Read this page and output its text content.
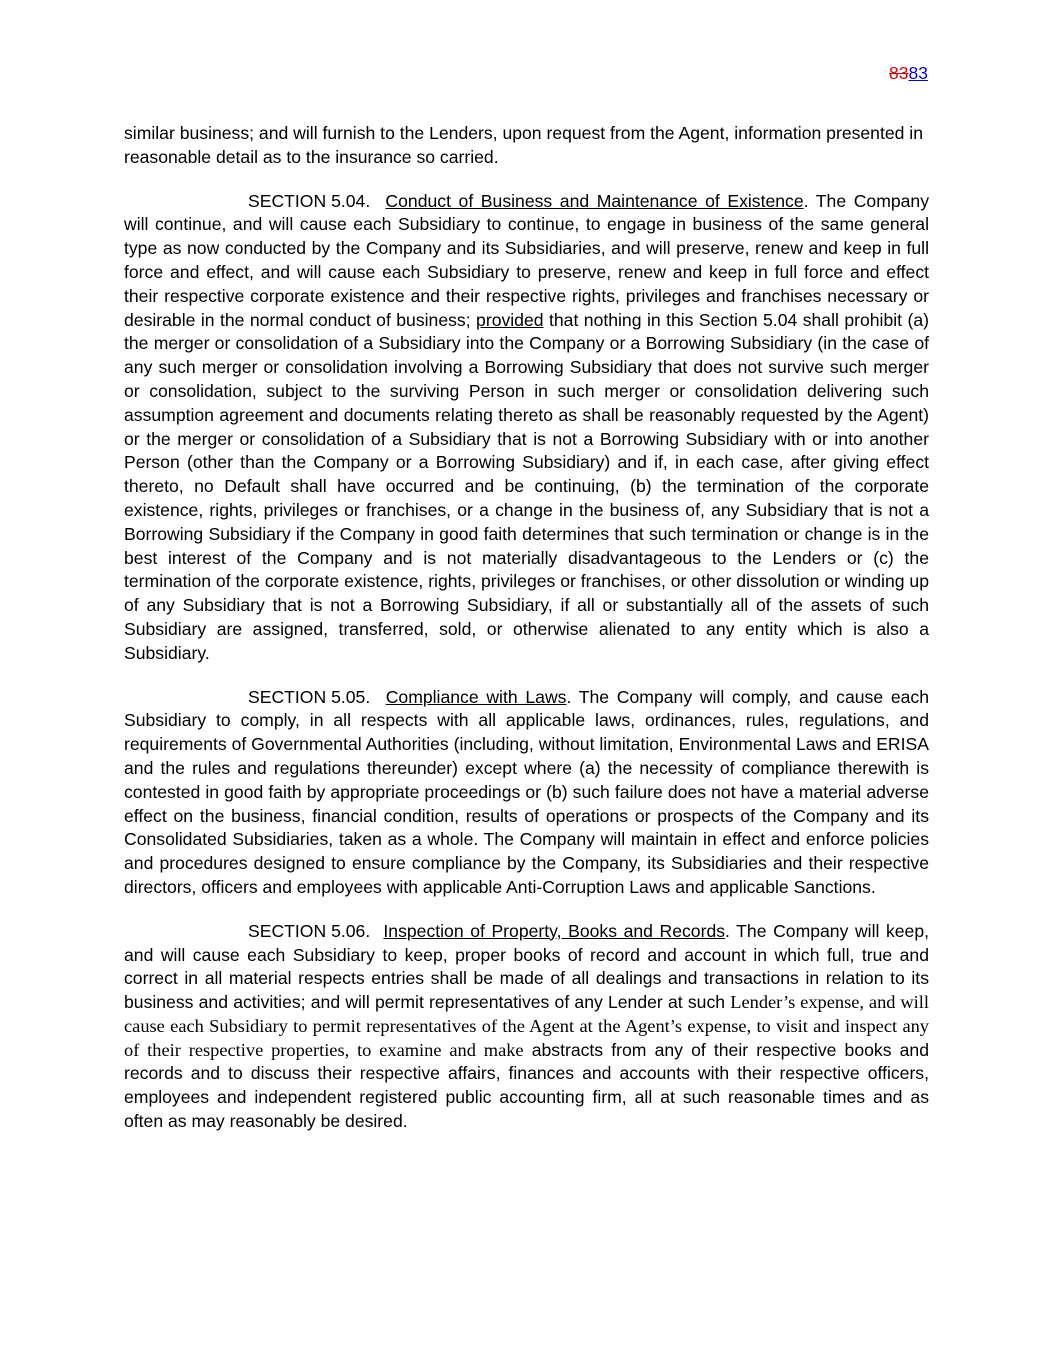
8383

similar business; and will furnish to the Lenders, upon request from the Agent, information presented in reasonable detail as to the insurance so carried.

SECTION 5.04. Conduct of Business and Maintenance of Existence. The Company will continue, and will cause each Subsidiary to continue, to engage in business of the same general type as now conducted by the Company and its Subsidiaries, and will preserve, renew and keep in full force and effect, and will cause each Subsidiary to preserve, renew and keep in full force and effect their respective corporate existence and their respective rights, privileges and franchises necessary or desirable in the normal conduct of business; provided that nothing in this Section 5.04 shall prohibit (a) the merger or consolidation of a Subsidiary into the Company or a Borrowing Subsidiary (in the case of any such merger or consolidation involving a Borrowing Subsidiary that does not survive such merger or consolidation, subject to the surviving Person in such merger or consolidation delivering such assumption agreement and documents relating thereto as shall be reasonably requested by the Agent) or the merger or consolidation of a Subsidiary that is not a Borrowing Subsidiary with or into another Person (other than the Company or a Borrowing Subsidiary) and if, in each case, after giving effect thereto, no Default shall have occurred and be continuing, (b) the termination of the corporate existence, rights, privileges or franchises, or a change in the business of, any Subsidiary that is not a Borrowing Subsidiary if the Company in good faith determines that such termination or change is in the best interest of the Company and is not materially disadvantageous to the Lenders or (c) the termination of the corporate existence, rights, privileges or franchises, or other dissolution or winding up of any Subsidiary that is not a Borrowing Subsidiary, if all or substantially all of the assets of such Subsidiary are assigned, transferred, sold, or otherwise alienated to any entity which is also a Subsidiary.

SECTION 5.05. Compliance with Laws. The Company will comply, and cause each Subsidiary to comply, in all respects with all applicable laws, ordinances, rules, regulations, and requirements of Governmental Authorities (including, without limitation, Environmental Laws and ERISA and the rules and regulations thereunder) except where (a) the necessity of compliance therewith is contested in good faith by appropriate proceedings or (b) such failure does not have a material adverse effect on the business, financial condition, results of operations or prospects of the Company and its Consolidated Subsidiaries, taken as a whole. The Company will maintain in effect and enforce policies and procedures designed to ensure compliance by the Company, its Subsidiaries and their respective directors, officers and employees with applicable Anti-Corruption Laws and applicable Sanctions.

SECTION 5.06. Inspection of Property, Books and Records. The Company will keep, and will cause each Subsidiary to keep, proper books of record and account in which full, true and correct in all material respects entries shall be made of all dealings and transactions in relation to its business and activities; and will permit representatives of any Lender at such Lender’s expense, and will cause each Subsidiary to permit representatives of the Agent at the Agent’s expense, to visit and inspect any of their respective properties, to examine and make abstracts from any of their respective books and records and to discuss their respective affairs, finances and accounts with their respective officers, employees and independent registered public accounting firm, all at such reasonable times and as often as may reasonably be desired.
